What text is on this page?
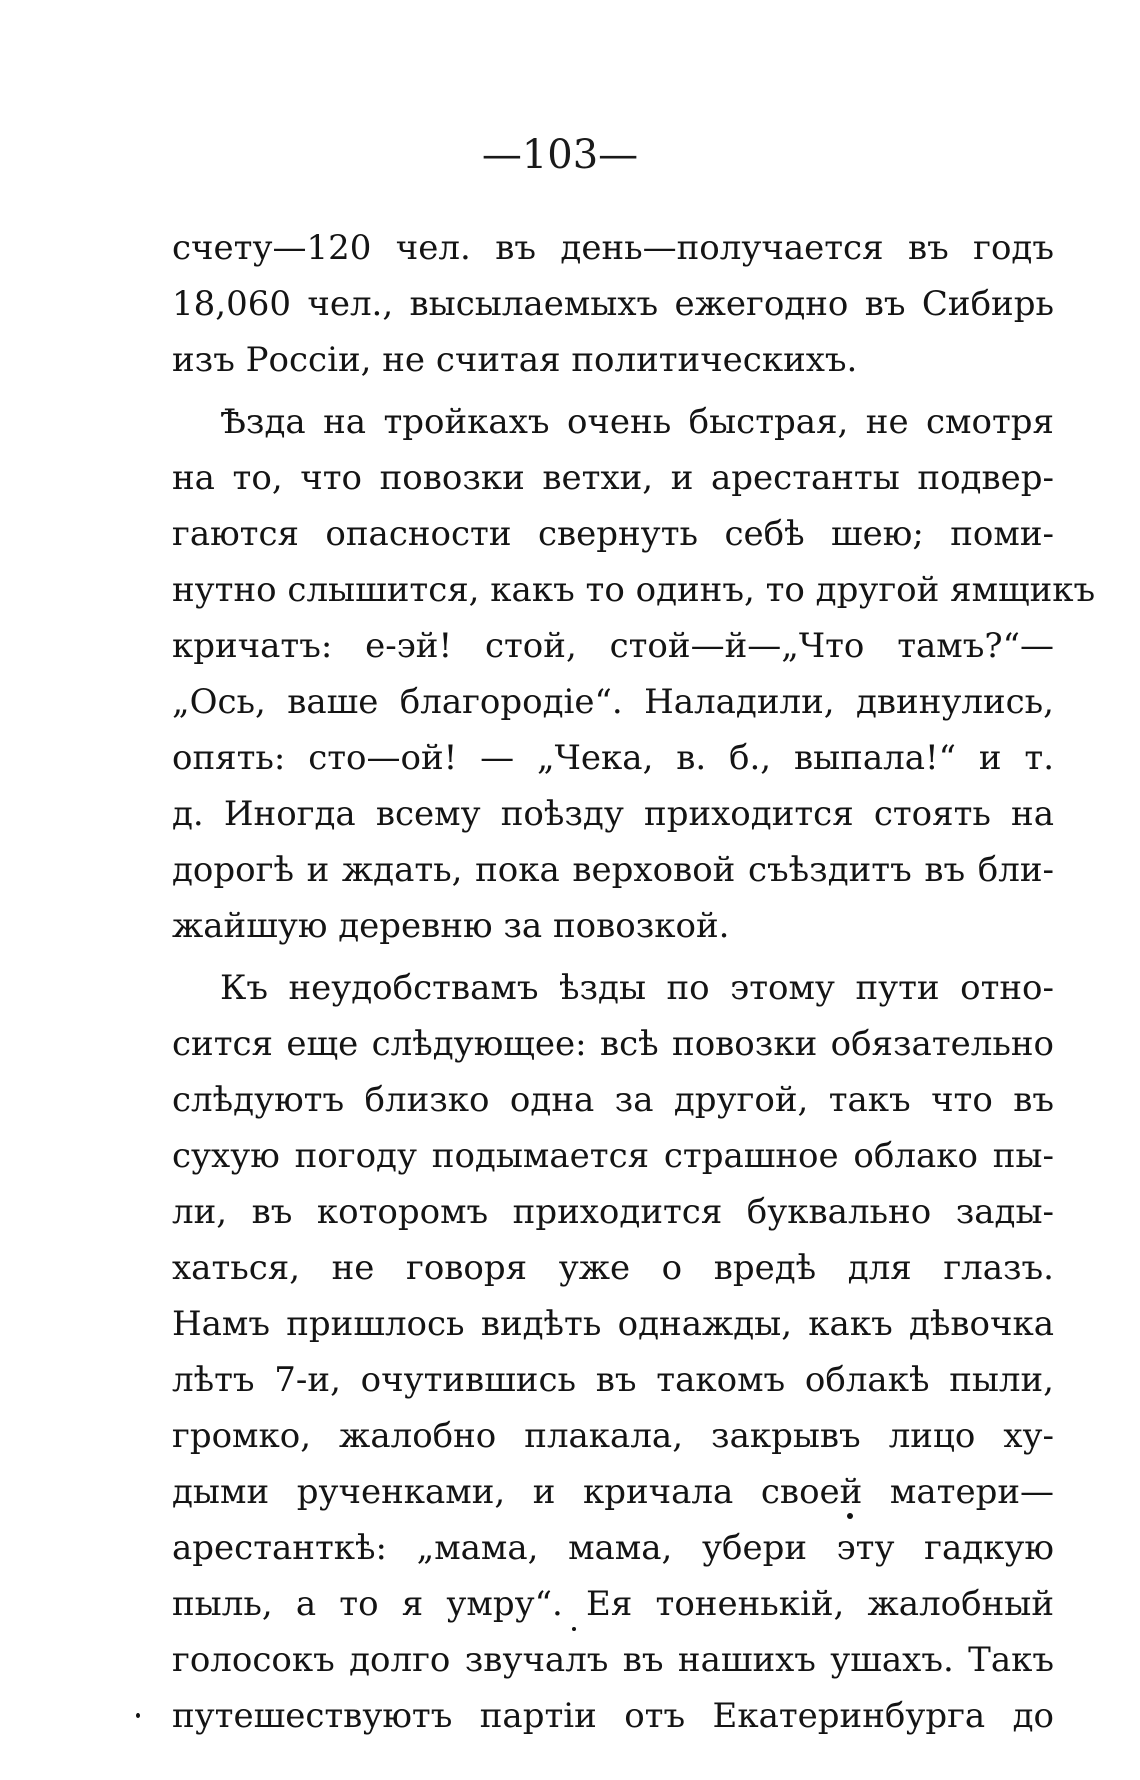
—103—
счету—120 чел. въ день—получается въ годъ
18,060 чел., высылаемыхъ ежегодно въ Сибирь
изъ Россіи, не считая политическихъ.
Ѣзда на тройкахъ очень быстрая, не смотря
на то, что повозки ветхи, и арестанты подвер-
гаются опасности свернуть себѣ шею; поми-
нутно слышится, какъ то одинъ, то другой ямщикъ
кричатъ: е-эй! стой, стой—й—„Что тамъ?“—
„Ось, ваше благородіе“. Наладили, двинулись,
опять: сто—ой! — „Чека, в. б., выпала!“ и т.
д. Иногда всему поѣзду приходится стоять на
дорогѣ и ждать, пока верховой съѣздитъ въ бли-
жайшую деревню за повозкой.
Къ неудобствамъ ѣзды по этому пути отно-
сится еще слѣдующее: всѣ повозки обязательно
слѣдуютъ близко одна за другой, такъ что въ
сухую погоду подымается страшное облако пы-
ли, въ которомъ приходится буквально зады-
хаться, не говоря уже о вредѣ для глазъ.
Намъ пришлось видѣть однажды, какъ дѣвочка
лѣтъ 7-и, очутившись въ такомъ облакѣ пыли,
громко, жалобно плакала, закрывъ лицо ху-
дыми рученками, и кричала своей матери—
арестанткѣ: „мама, мама, убери эту гадкую
пыль, а то я умру“. Ея тоненькій, жалобный
голосокъ долго звучалъ въ нашихъ ушахъ. Такъ
путешествуютъ партіи отъ Екатеринбурга до
